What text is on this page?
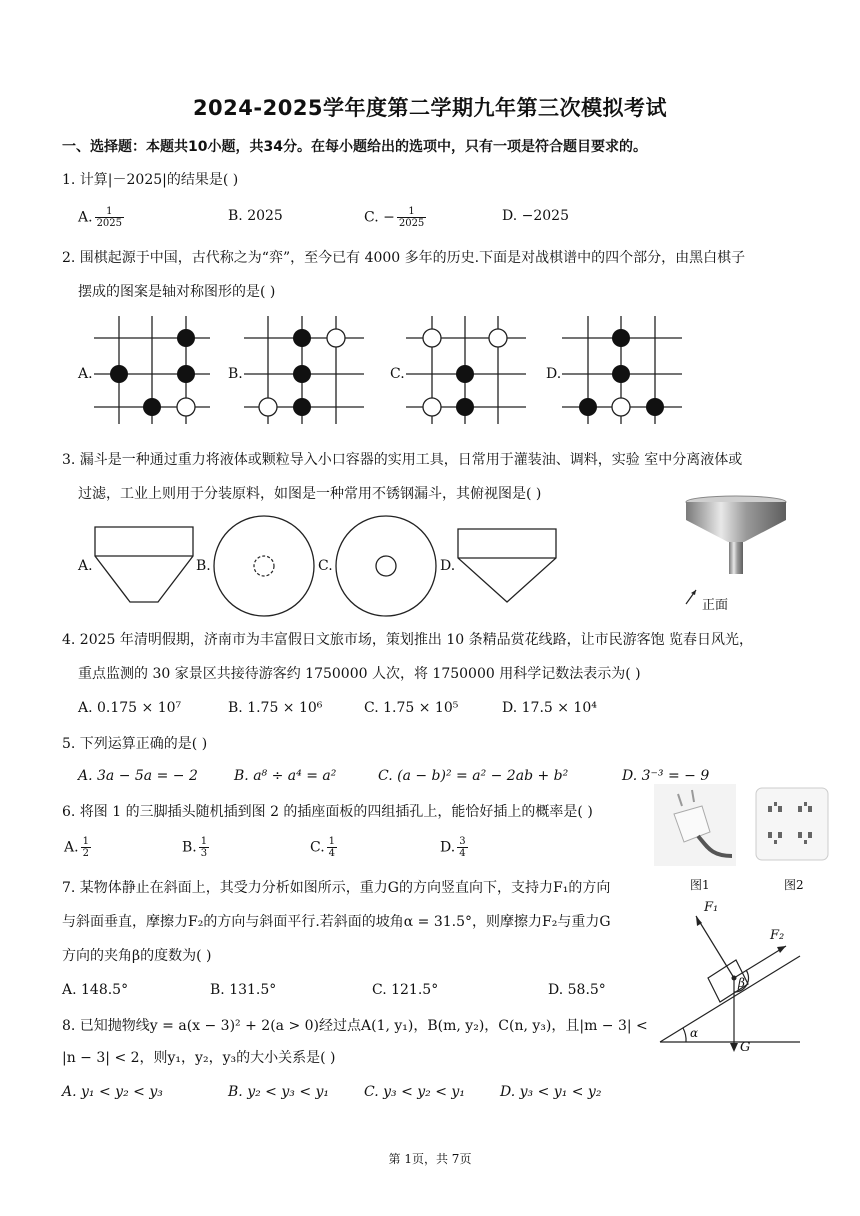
2024-2025学年度第二学期九年第三次模拟考试
一、选择题：本题共10小题，共34分。在每小题给出的选项中，只有一项是符合题目要求的。
1. 计算|－2025|的结果是( )
A. $\frac{1}{2025}$	B. 2025	C. − $\frac{1}{2025}$	D. −2025
2. 围棋起源于中国，古代称之为“弈”，至今已有 4000 多年的历史.下面是对战棋谱中的四个部分，由黑白棋子
摆成的图案是轴对称图形的是( )
A.	B.	C.	D.
3. 漏斗是一种通过重力将液体或颗粒导入小口容器的实用工具，日常用于灌装油、调料，实验 室中分离液体或
过滤，工业上则用于分装原料，如图是一种常用不锈钢漏斗，其俯视图是( )
A.	B.	C.	D.
正面
4. 2025 年清明假期，济南市为丰富假日文旅市场，策划推出 10 条精品赏花线路，让市民游客饱 览春日风光，
重点监测的 30 家景区共接待游客约 1750000 人次，将 1750000 用科学记数法表示为( )
A. 0.175 × 10⁷	B. 1.75 × 10⁶	C. 1.75 × 10⁵	D. 17.5 × 10⁴
5. 下列运算正确的是( )
A. 3a − 5a = − 2	B. a⁸ ÷ a⁴ = a²	C. (a − b)² = a² − 2ab + b²	D. 3⁻³ = − 9
6. 将图 1 的三脚插头随机插到图 2 的插座面板的四组插孔上，能恰好插上的概率是( )
A. $\frac{1}{2}$	B. $\frac{1}{3}$	C. $\frac{1}{4}$	D. $\frac{3}{4}$
图1	图2
7. 某物体静止在斜面上，其受力分析如图所示，重力G的方向竖直向下，支持力F₁的方向
与斜面垂直，摩擦力F₂的方向与斜面平行.若斜面的坡角α = 31.5°，则摩擦力F₂与重力G
方向的夹角β的度数为( )
A. 148.5°	B. 131.5°	C. 121.5°	D. 58.5°
F₁
F₂
G
α
β
8. 已知抛物线y = a(x − 3)² + 2(a > 0)经过点A(1, y₁)，B(m, y₂)，C(n, y₃)，且|m − 3| <
|n − 3| < 2，则y₁，y₂，y₃的大小关系是( )
A. y₁ < y₂ < y₃	B. y₂ < y₃ < y₁ C. y₃ < y₂ < y₁	D. y₃ < y₁ < y₂
第 1页，共 7页
